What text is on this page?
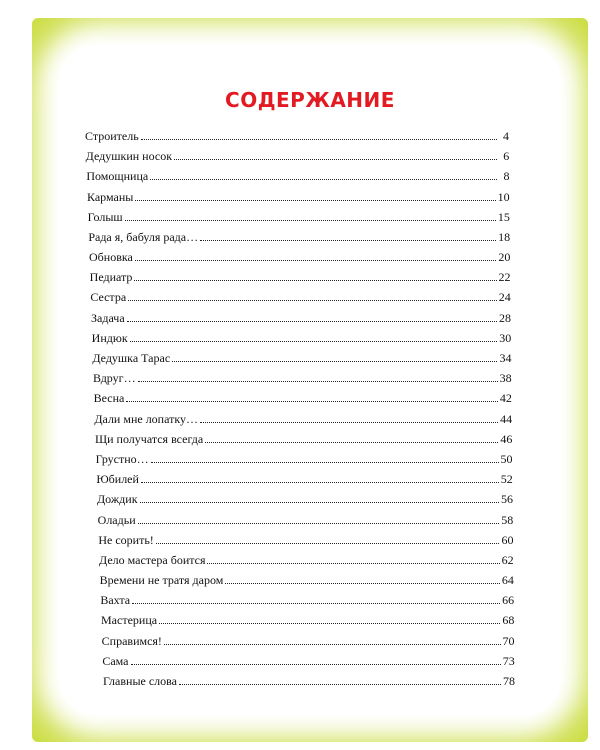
СОДЕРЖАНИЕ
Строитель	4
Дедушкин носок	6
Помощница	8
Карманы	10
Голыш	15
Рада я, бабуля рада…	18
Обновка	20
Педиатр	22
Сестра	24
Задача	28
Индюк	30
Дедушка Тарас	34
Вдруг…	38
Весна	42
Дали мне лопатку…	44
Щи получатся всегда	46
Грустно…	50
Юбилей	52
Дождик	56
Оладьи	58
Не сорить!	60
Дело мастера боится	62
Времени не тратя даром	64
Вахта	66
Мастерица	68
Справимся!	70
Сама	73
Главные слова	78
